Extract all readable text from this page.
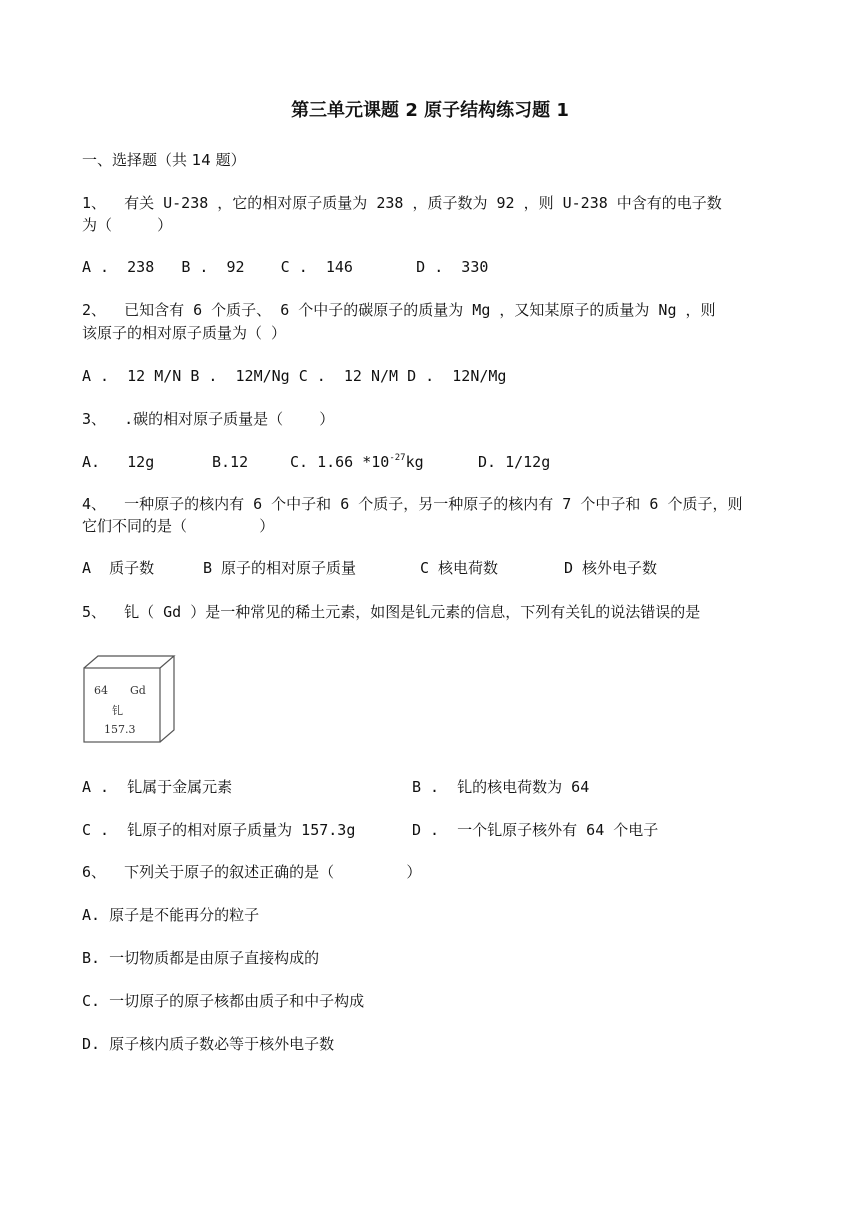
第三单元课题 2 原子结构练习题 1
一、选择题（共 14 题）
1、  有关 U-238 ，它的相对原子质量为 238 ，质子数为 92 ，则 U-238 中含有的电子数
为（     ）
A .  238   B .  92    C .  146       D .  330
2、  已知含有 6 个质子、 6 个中子的碳原子的质量为 Mg ，又知某原子的质量为 Ng ，则
该原子的相对原子质量为（ ）
A .  12 M/N B .  12M/Ng C .  12 N/M D .  12N/Mg
3、  .碳的相对原子质量是（    ）
A.   12g	B.12	C. 1.66 $*10^{-27}kg$	D. 1/12g
4、  一种原子的核内有 6 个中子和 6 个质子，另一种原子的核内有 7 个中子和 6 个质子，则
它们不同的是（        ）
A  质子数	B 原子的相对原子质量	C 核电荷数	D 核外电子数
5、  钆（ Gd ）是一种常见的稀土元素，如图是钆元素的信息，下列有关钆的说法错误的是
64 Gd
钆
157.3
A .  钆属于金属元素	B .  钆的核电荷数为 64
C .  钆原子的相对原子质量为 157.3g	D .  一个钆原子核外有 64 个电子
6、  下列关于原子的叙述正确的是（        ）
A. 原子是不能再分的粒子
B. 一切物质都是由原子直接构成的
C. 一切原子的原子核都由质子和中子构成
D. 原子核内质子数必等于核外电子数
